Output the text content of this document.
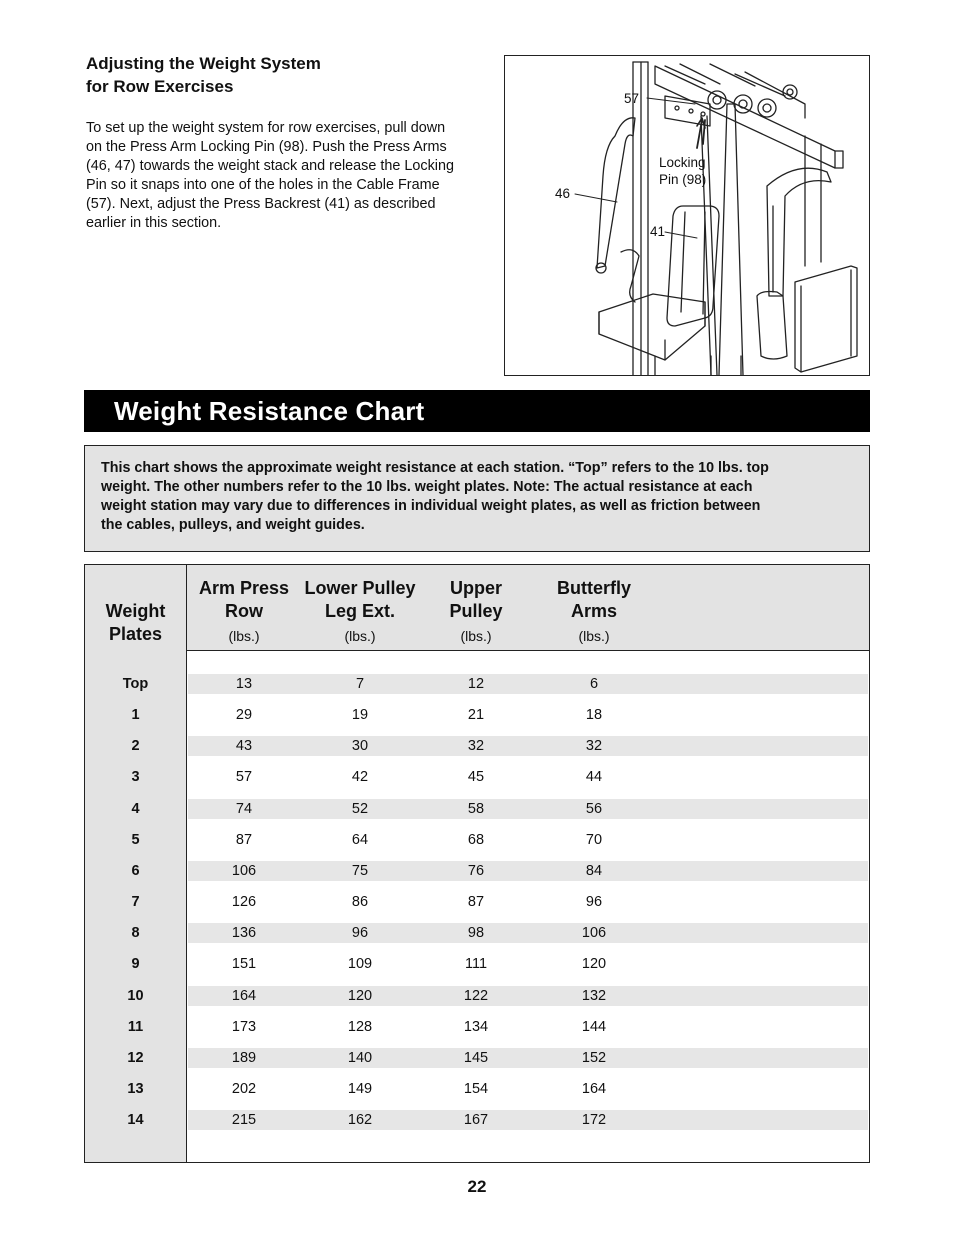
Adjusting the Weight System
for Row Exercises
To set up the weight system for row exercises, pull down
on the Press Arm Locking Pin (98). Push the Press Arms
(46, 47) towards the weight stack and release the Locking
Pin so it snaps into one of the holes in the Cable Frame
(57). Next, adjust the Press Backrest (41) as described
earlier in this section.
57
Locking
Pin (98)
46
41
Weight Resistance Chart
This chart shows the approximate weight resistance at each station. “Top” refers to the 10 lbs. top
weight. The other numbers refer to the 10 lbs. weight plates. Note: The actual resistance at each
weight station may vary due to differences in individual weight plates, as well as friction between
the cables, pulleys, and weight guides.
Weight
Plates
Arm Press
Row
(lbs.)
Lower Pulley
Leg Ext.
(lbs.)
Upper
Pulley
(lbs.)
Butterfly
Arms
(lbs.)
Top	13	7	12	6
1	29	19	21	18
2	43	30	32	32
3	57	42	45	44
4	74	52	58	56
5	87	64	68	70
6	106	75	76	84
7	126	86	87	96
8	136	96	98	106
9	151	109	111	120
10	164	120	122	132
11	173	128	134	144
12	189	140	145	152
13	202	149	154	164
14	215	162	167	172
22
